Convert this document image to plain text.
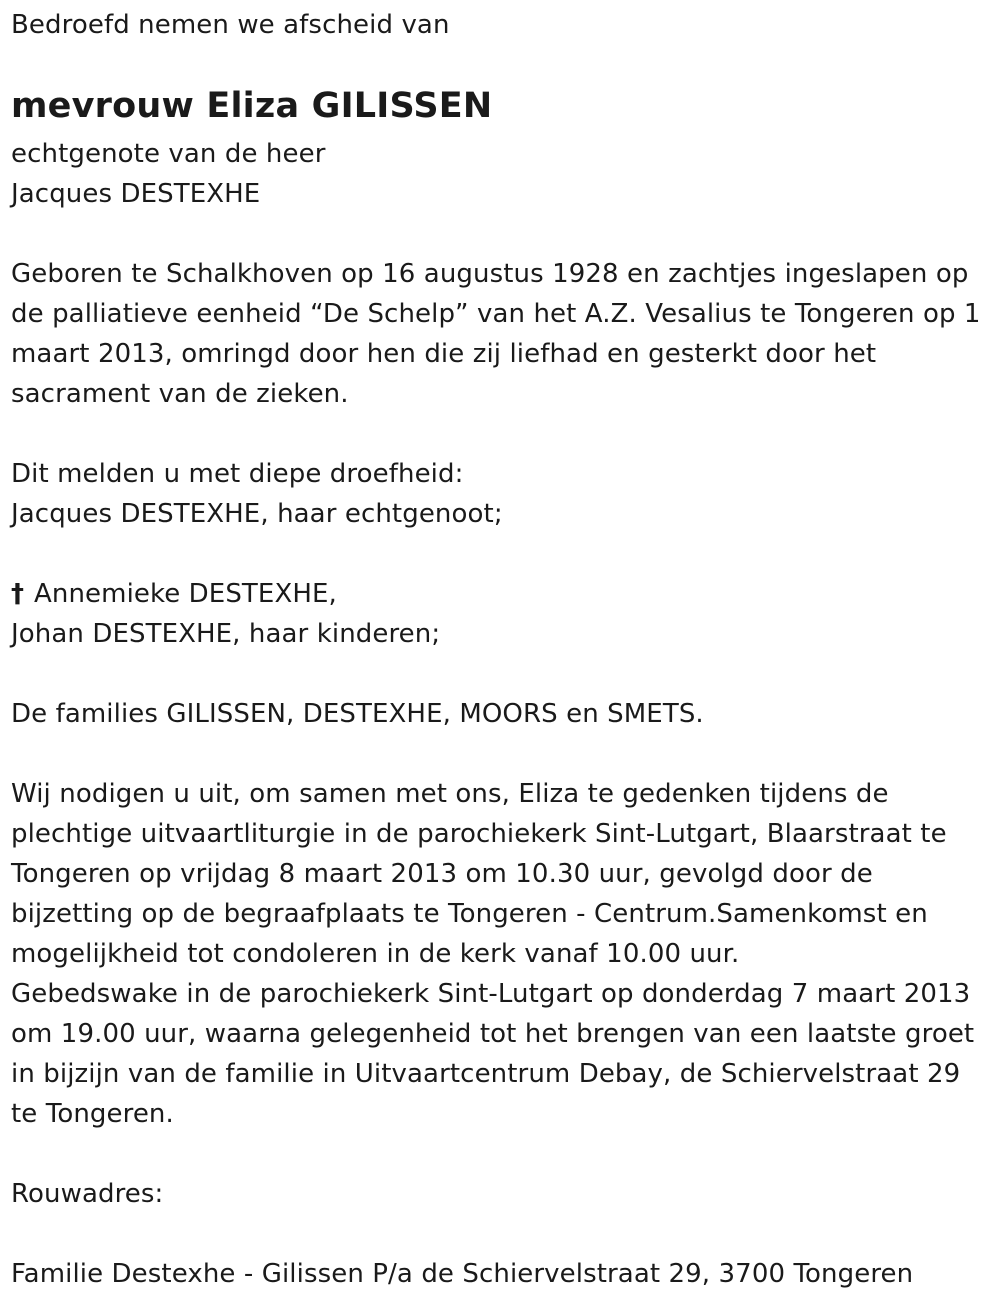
Bedroefd nemen we afscheid van
mevrouw Eliza GILISSEN
echtgenote van de heer
Jacques DESTEXHE
Geboren te Schalkhoven op 16 augustus 1928 en zachtjes ingeslapen op
de palliatieve eenheid “De Schelp” van het A.Z. Vesalius te Tongeren op 1
maart 2013, omringd door hen die zij liefhad en gesterkt door het
sacrament van de zieken.
Dit melden u met diepe droefheid:
Jacques DESTEXHE, haar echtgenoot;
† Annemieke DESTEXHE,
Johan DESTEXHE, haar kinderen;
De families GILISSEN, DESTEXHE, MOORS en SMETS.
Wij nodigen u uit, om samen met ons, Eliza te gedenken tijdens de
plechtige uitvaartliturgie in de parochiekerk Sint-Lutgart, Blaarstraat te
Tongeren op vrijdag 8 maart 2013 om 10.30 uur, gevolgd door de
bijzetting op de begraafplaats te Tongeren - Centrum.Samenkomst en
mogelijkheid tot condoleren in de kerk vanaf 10.00 uur.
Gebedswake in de parochiekerk Sint-Lutgart op donderdag 7 maart 2013
om 19.00 uur, waarna gelegenheid tot het brengen van een laatste groet
in bijzijn van de familie in Uitvaartcentrum Debay, de Schiervelstraat 29
te Tongeren.
Rouwadres:
Familie Destexhe - Gilissen P/a de Schiervelstraat 29, 3700 Tongeren
